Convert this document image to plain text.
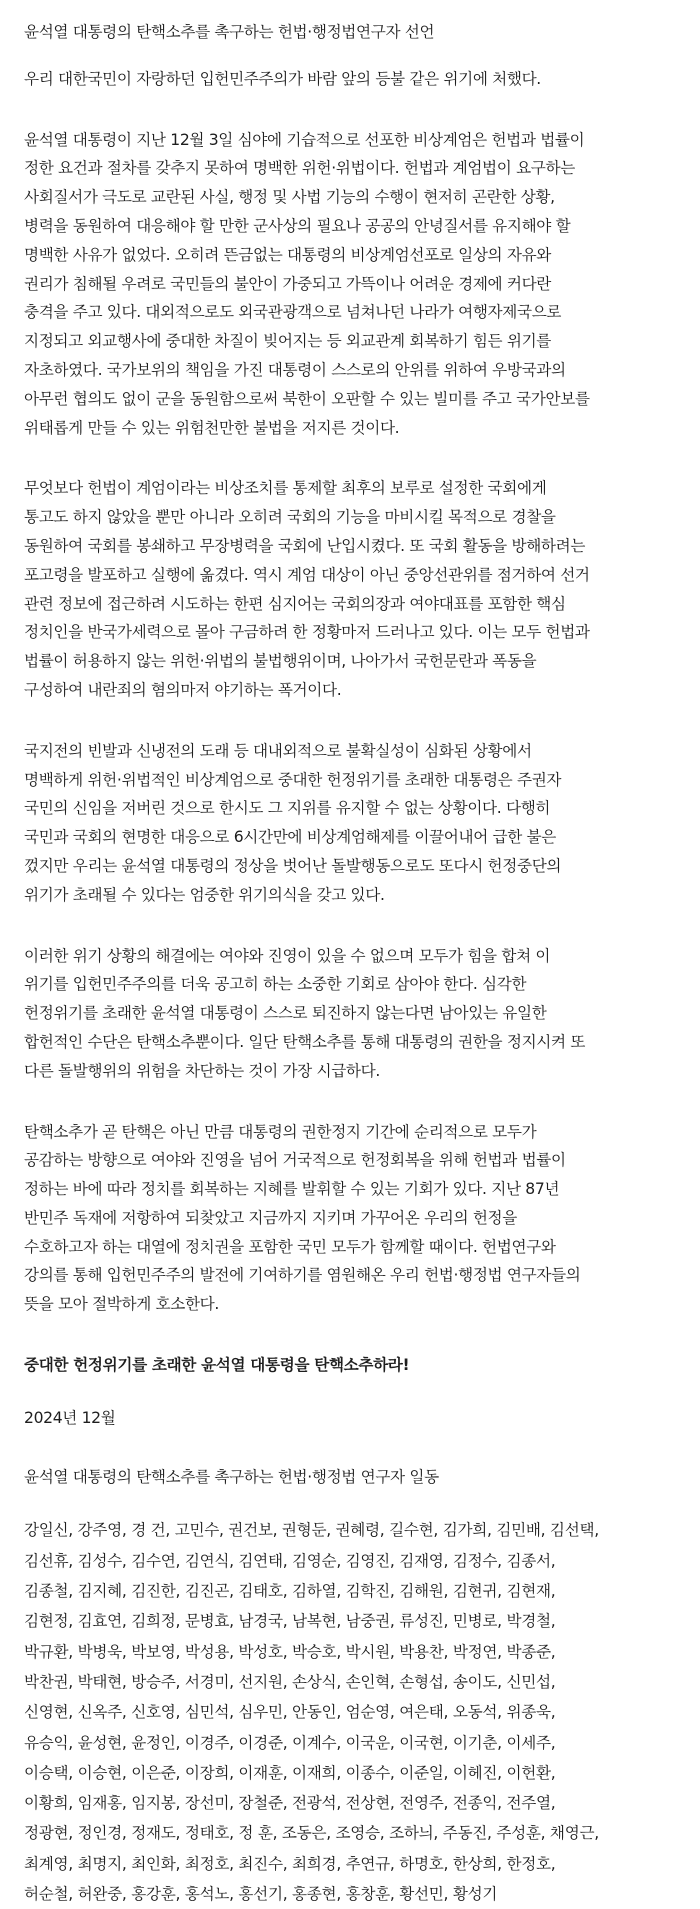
윤석열 대통령의 탄핵소추를 촉구하는 헌법·행정법연구자 선언
우리 대한국민이 자랑하던 입헌민주주의가 바람 앞의 등불 같은 위기에 처했다.
윤석열 대통령이 지난 12월 3일 심야에 기습적으로 선포한 비상계엄은 헌법과 법률이
정한 요건과 절차를 갖추지 못하여 명백한 위헌·위법이다. 헌법과 계엄법이 요구하는
사회질서가 극도로 교란된 사실, 행정 및 사법 기능의 수행이 현저히 곤란한 상황,
병력을 동원하여 대응해야 할 만한 군사상의 필요나 공공의 안녕질서를 유지해야 할
명백한 사유가 없었다. 오히려 뜬금없는 대통령의 비상계엄선포로 일상의 자유와
권리가 침해될 우려로 국민들의 불안이 가중되고 가뜩이나 어려운 경제에 커다란
충격을 주고 있다. 대외적으로도 외국관광객으로 넘쳐나던 나라가 여행자제국으로
지정되고 외교행사에 중대한 차질이 빚어지는 등 외교관계 회복하기 힘든 위기를
자초하였다. 국가보위의 책임을 가진 대통령이 스스로의 안위를 위하여 우방국과의
아무런 협의도 없이 군을 동원함으로써 북한이 오판할 수 있는 빌미를 주고 국가안보를
위태롭게 만들 수 있는 위험천만한 불법을 저지른 것이다.
무엇보다 헌법이 계엄이라는 비상조치를 통제할 최후의 보루로 설정한 국회에게
통고도 하지 않았을 뿐만 아니라 오히려 국회의 기능을 마비시킬 목적으로 경찰을
동원하여 국회를 봉쇄하고 무장병력을 국회에 난입시켰다. 또 국회 활동을 방해하려는
포고령을 발포하고 실행에 옮겼다. 역시 계엄 대상이 아닌 중앙선관위를 점거하여 선거
관련 정보에 접근하려 시도하는 한편 심지어는 국회의장과 여야대표를 포함한 핵심
정치인을 반국가세력으로 몰아 구금하려 한 정황마저 드러나고 있다. 이는 모두 헌법과
법률이 허용하지 않는 위헌·위법의 불법행위이며, 나아가서 국헌문란과 폭동을
구성하여 내란죄의 혐의마저 야기하는 폭거이다.
국지전의 빈발과 신냉전의 도래 등 대내외적으로 불확실성이 심화된 상황에서
명백하게 위헌·위법적인 비상계엄으로 중대한 헌정위기를 초래한 대통령은 주권자
국민의 신임을 저버린 것으로 한시도 그 지위를 유지할 수 없는 상황이다. 다행히
국민과 국회의 현명한 대응으로 6시간만에 비상계엄해제를 이끌어내어 급한 불은
껐지만 우리는 윤석열 대통령의 정상을 벗어난 돌발행동으로도 또다시 헌정중단의
위기가 초래될 수 있다는 엄중한 위기의식을 갖고 있다.
이러한 위기 상황의 해결에는 여야와 진영이 있을 수 없으며 모두가 힘을 합쳐 이
위기를 입헌민주주의를 더욱 공고히 하는 소중한 기회로 삼아야 한다. 심각한
헌정위기를 초래한 윤석열 대통령이 스스로 퇴진하지 않는다면 남아있는 유일한
합헌적인 수단은 탄핵소추뿐이다. 일단 탄핵소추를 통해 대통령의 권한을 정지시켜 또
다른 돌발행위의 위험을 차단하는 것이 가장 시급하다.
탄핵소추가 곧 탄핵은 아닌 만큼 대통령의 권한정지 기간에 순리적으로 모두가
공감하는 방향으로 여야와 진영을 넘어 거국적으로 헌정회복을 위해 헌법과 법률이
정하는 바에 따라 정치를 회복하는 지혜를 발휘할 수 있는 기회가 있다. 지난 87년
반민주 독재에 저항하여 되찾았고 지금까지 지키며 가꾸어온 우리의 헌정을
수호하고자 하는 대열에 정치권을 포함한 국민 모두가 함께할 때이다. 헌법연구와
강의를 통해 입헌민주주의 발전에 기여하기를 염원해온 우리 헌법·행정법 연구자들의
뜻을 모아 절박하게 호소한다.
중대한 헌정위기를 초래한 윤석열 대통령을 탄핵소추하라!
2024년 12월
윤석열 대통령의 탄핵소추를 촉구하는 헌법·행정법 연구자 일동
강일신, 강주영, 경 건, 고민수, 권건보, 권형둔, 권혜령, 길수현, 김가희, 김민배, 김선택,
김선휴, 김성수, 김수연, 김연식, 김연태, 김영순, 김영진, 김재영, 김정수, 김종서,
김종철, 김지혜, 김진한, 김진곤, 김태호, 김하열, 김학진, 김해원, 김현귀, 김현재,
김현정, 김효연, 김희정, 문병효, 남경국, 남복현, 남중권, 류성진, 민병로, 박경철,
박규환, 박병욱, 박보영, 박성용, 박성호, 박승호, 박시원, 박용찬, 박정연, 박종준,
박찬권, 박태현, 방승주, 서경미, 선지원, 손상식, 손인혁, 손형섭, 송이도, 신민섭,
신영현, 신옥주, 신호영, 심민석, 심우민, 안동인, 엄순영, 여은태, 오동석, 위종욱,
유승익, 윤성현, 윤정인, 이경주, 이경준, 이계수, 이국운, 이국현, 이기춘, 이세주,
이승택, 이승현, 이은준, 이장희, 이재훈, 이재희, 이종수, 이준일, 이헤진, 이헌환,
이황희, 임재홍, 임지봉, 장선미, 장철준, 전광석, 전상현, 전영주, 전종익, 전주열,
정광현, 정인경, 정재도, 정태호, 정 훈, 조동은, 조영승, 조하늬, 주동진, 주성훈, 채영근,
최계영, 최명지, 최인화, 최정호, 최진수, 최희경, 추연규, 하명호, 한상희, 한정호,
허순철, 허완중, 홍강훈, 홍석노, 홍선기, 홍종현, 홍창훈, 황선민, 황성기
